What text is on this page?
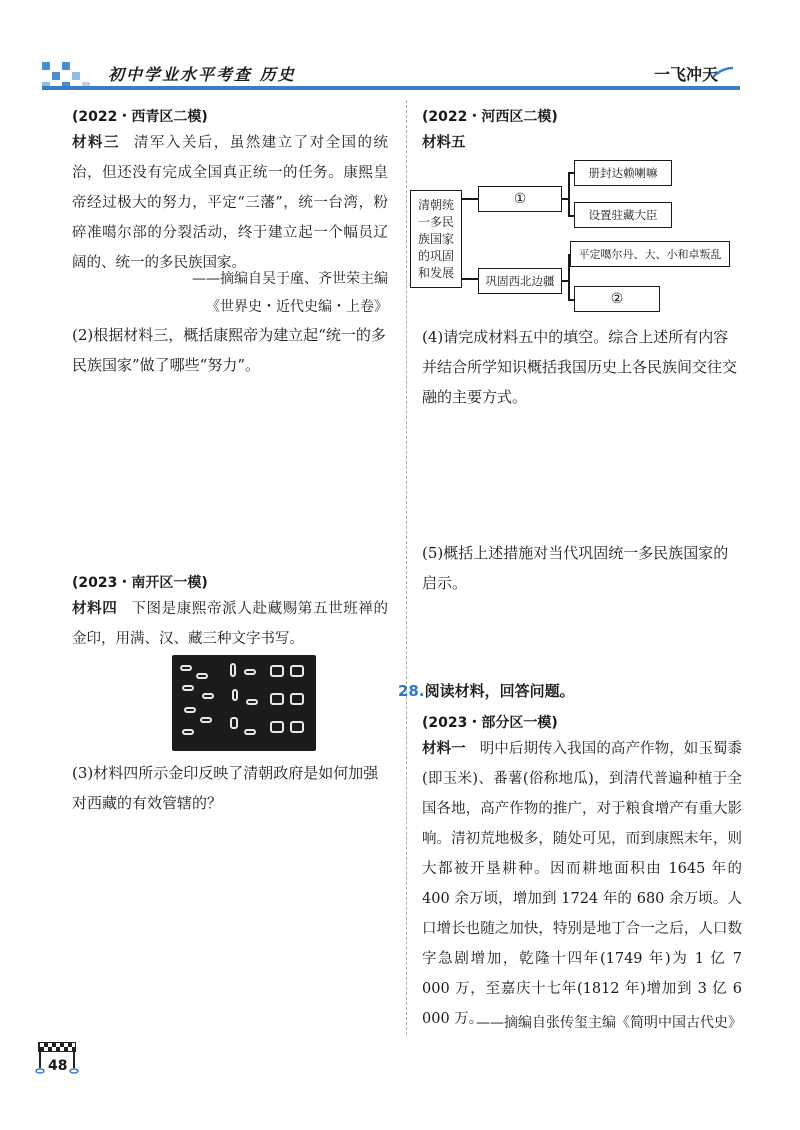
初中学业水平考查 历史	一飞冲天
(2022・西青区二模)
材料三 清军入关后，虽然建立了对全国的统治，但还没有完成全国真正统一的任务。康熙皇帝经过极大的努力，平定“三藩”，统一台湾，粉碎准噶尔部的分裂活动，终于建立起一个幅员辽阔的、统一的多民族国家。
——摘编自吴于廑、齐世荣主编
《世界史・近代史编・上卷》
(2)根据材料三，概括康熙帝为建立起“统一的多民族国家”做了哪些“努力”。
(2023・南开区一模)
材料四 下图是康熙帝派人赴藏赐第五世班禅的金印，用满、汉、藏三种文字书写。
(3)材料四所示金印反映了清朝政府是如何加强对西藏的有效管辖的？
(2022・河西区二模)
材料五
清朝统一多民族国家的巩固和发展
①
巩固西北边疆
册封达赖喇嘛
设置驻藏大臣
平定噶尔丹、大、小和卓叛乱
②
(4)请完成材料五中的填空。综合上述所有内容并结合所学知识概括我国历史上各民族间交往交融的主要方式。
(5)概括上述措施对当代巩固统一多民族国家的启示。
28.阅读材料，回答问题。
(2023・部分区一模)
材料一 明中后期传入我国的高产作物，如玉蜀黍(即玉米)、番薯(俗称地瓜)，到清代普遍种植于全国各地，高产作物的推广，对于粮食增产有重大影响。清初荒地极多，随处可见，而到康熙末年，则大都被开垦耕种。因而耕地面积由 1645 年的 400 余万顷，增加到 1724 年的 680 余万顷。人口增长也随之加快，特别是地丁合一之后，人口数字急剧增加，乾隆十四年(1749 年)为 1 亿 7 000 万，至嘉庆十七年(1812 年)增加到 3 亿 6 000 万。
——摘编自张传玺主编《简明中国古代史》
48
